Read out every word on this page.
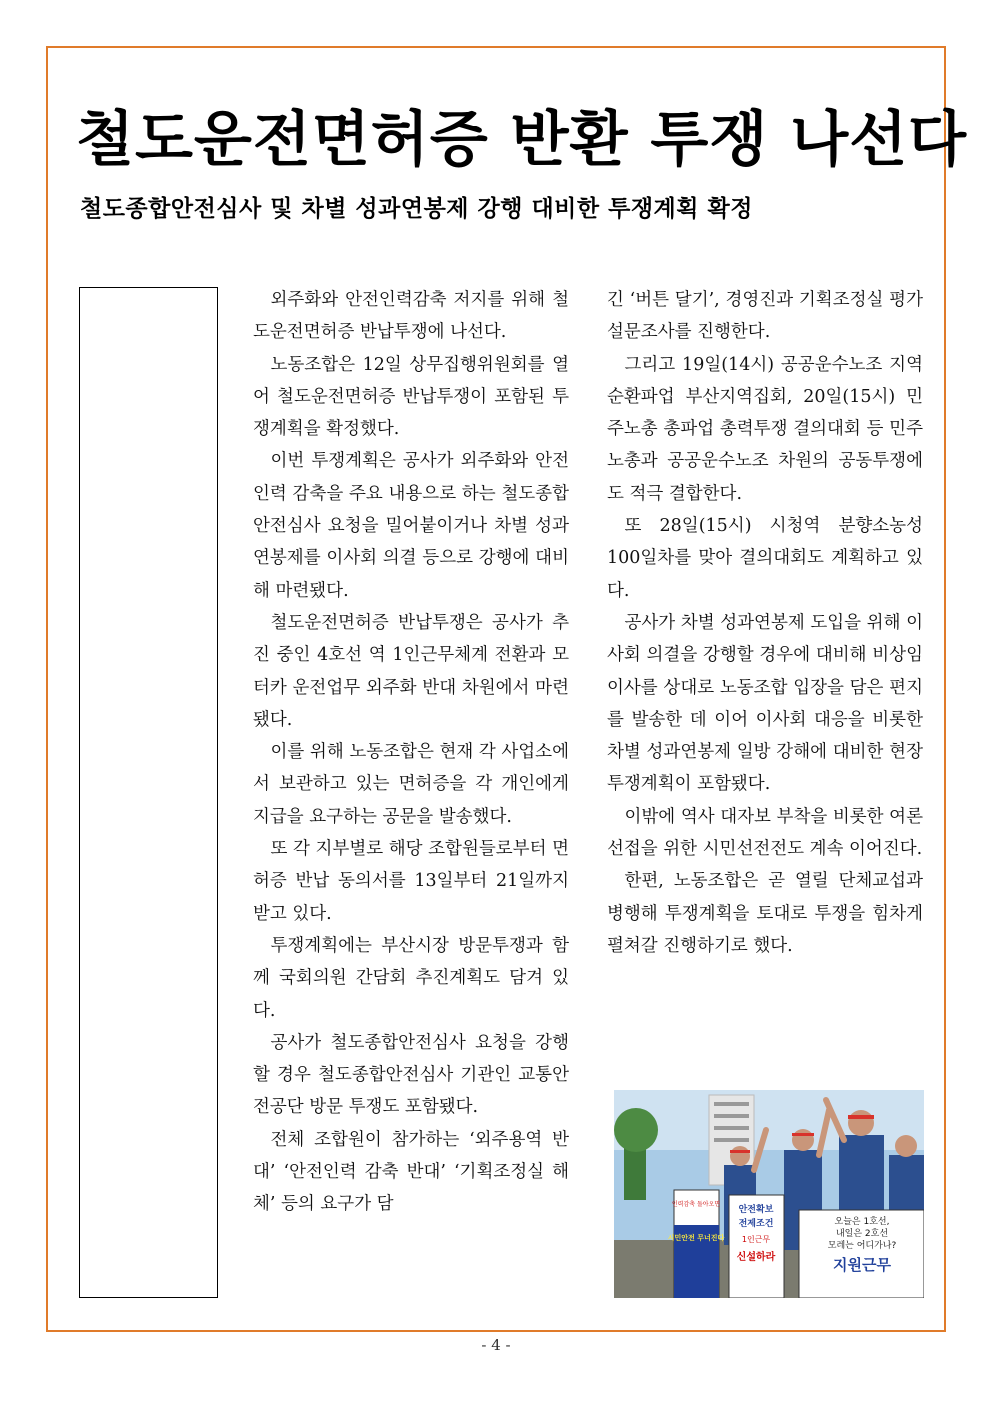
철도운전면허증 반환 투쟁 나선다
철도종합안전심사 및 차별 성과연봉제 강행 대비한 투쟁계획 확정

외주화와 안전인력감축 저지를 위해 철도운전면허증 반납투쟁에 나선다.

노동조합은 12일 상무집행위원회를 열어 철도운전면허증 반납투쟁이 포함된 투쟁계획을 확정했다.

이번 투쟁계획은 공사가 외주화와 안전인력 감축을 주요 내용으로 하는 철도종합안전심사 요청을 밀어붙이거나 차별 성과연봉제를 이사회 의결 등으로 강행에 대비해 마련됐다.

철도운전면허증 반납투쟁은 공사가 추진 중인 4호선 역 1인근무체계 전환과 모터카 운전업무 외주화 반대 차원에서 마련됐다.

이를 위해 노동조합은 현재 각 사업소에서 보관하고 있는 면허증을 각 개인에게 지급을 요구하는 공문을 발송했다.

또 각 지부별로 해당 조합원들로부터 면허증 반납 동의서를 13일부터 21일까지 받고 있다.

투쟁계획에는 부산시장 방문투쟁과 함께 국회의원 간담회 추진계획도 담겨 있다.

공사가 철도종합안전심사 요청을 강행할 경우 철도종합안전심사 기관인 교통안전공단 방문 투쟁도 포함됐다.

전체 조합원이 참가하는 ‘외주용역 반대’ ‘안전인력 감축 반대’ ‘기획조정실 해체’ 등의 요구가 담

긴 ‘버튼 달기’, 경영진과 기획조정실 평가설문조사를 진행한다.

그리고 19일(14시) 공공운수노조 지역순환파업 부산지역집회, 20일(15시) 민주노총 총파업 총력투쟁 결의대회 등 민주노총과 공공운수노조 차원의 공동투쟁에도 적극 결합한다.

또 28일(15시) 시청역 분향소농성 100일차를 맞아 결의대회도 계획하고 있다.

공사가 차별 성과연봉제 도입을 위해 이사회 의결을 강행할 경우에 대비해 비상임 이사를 상대로 노동조합 입장을 담은 편지를 발송한 데 이어 이사회 대응을 비롯한 차별 성과연봉제 일방 강해에 대비한 현장투쟁계획이 포함됐다.

이밖에 역사 대자보 부착을 비롯한 여론 선접을 위한 시민선전전도 계속 이어진다.

한편, 노동조합은 곧 열릴 단체교섭과 병행해 투쟁계획을 토대로 투쟁을 힘차게 펼쳐갈 진행하기로 했다.

인력감축 돌아오면
시민안전 무너진다
안전확보
전제조건
1인근무
신설하라
오늘은 1호선,
내일은 2호선
모레는 어디가나?
지원근무
- 4 -
